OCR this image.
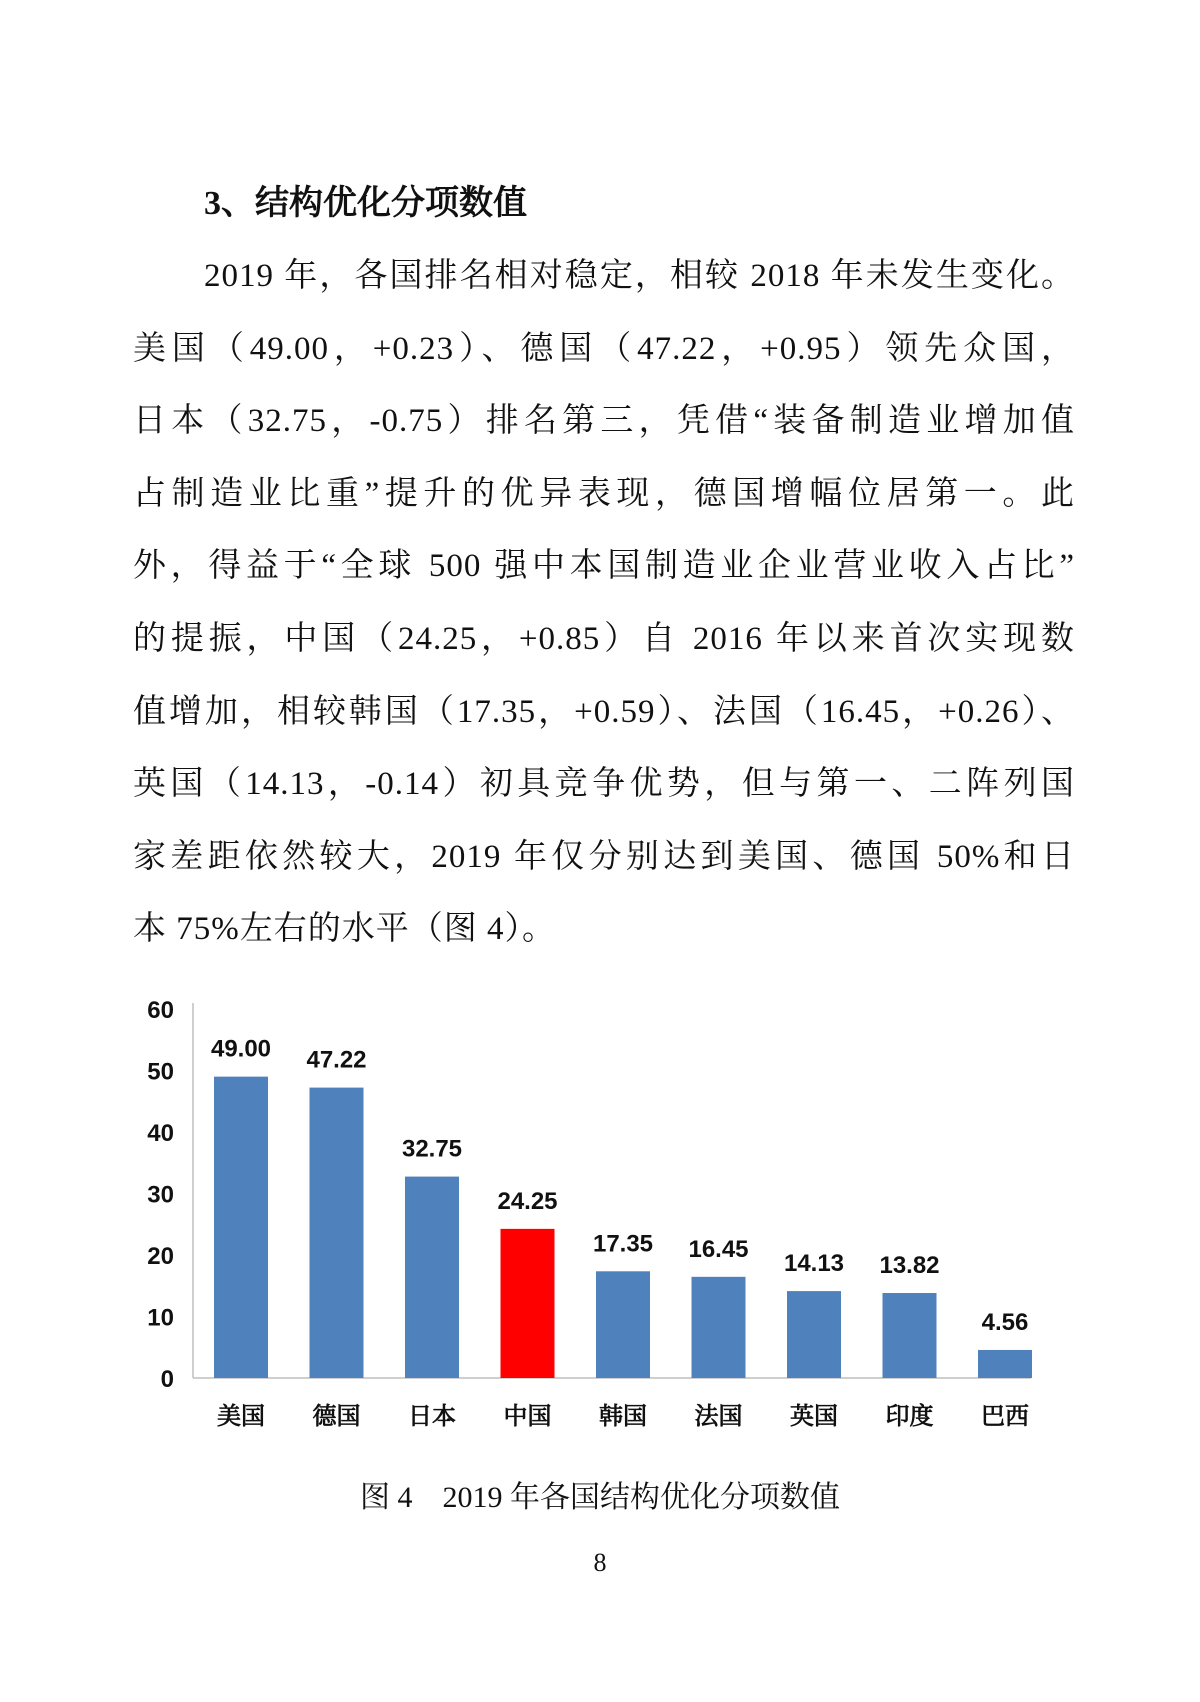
3、结构优化分项数值
2019 年，各国排名相对稳定，相较 2018 年未发生变化。
美国（49.00，+0.23）、德国（47.22，+0.95）领先众国，
日本（32.75，-0.75）排名第三，凭借“装备制造业增加值
占制造业比重”提升的优异表现，德国增幅位居第一。此
外，得益于“全球 500 强中本国制造业企业营业收入占比”
的提振，中国（24.25，+0.85）自 2016 年以来首次实现数
值增加，相较韩国（17.35，+0.59）、法国（16.45，+0.26）、
英国（14.13，-0.14）初具竞争优势，但与第一、二阵列国
家差距依然较大，2019 年仅分别达到美国、德国 50%和日
本 75%左右的水平（图 4）。
0
10
20
30
40
50
60
49.00
美国
47.22
德国
32.75
日本
24.25
中国
17.35
韩国
16.45
法国
14.13
英国
13.82
印度
4.56
巴西
图 4　2019 年各国结构优化分项数值
8
